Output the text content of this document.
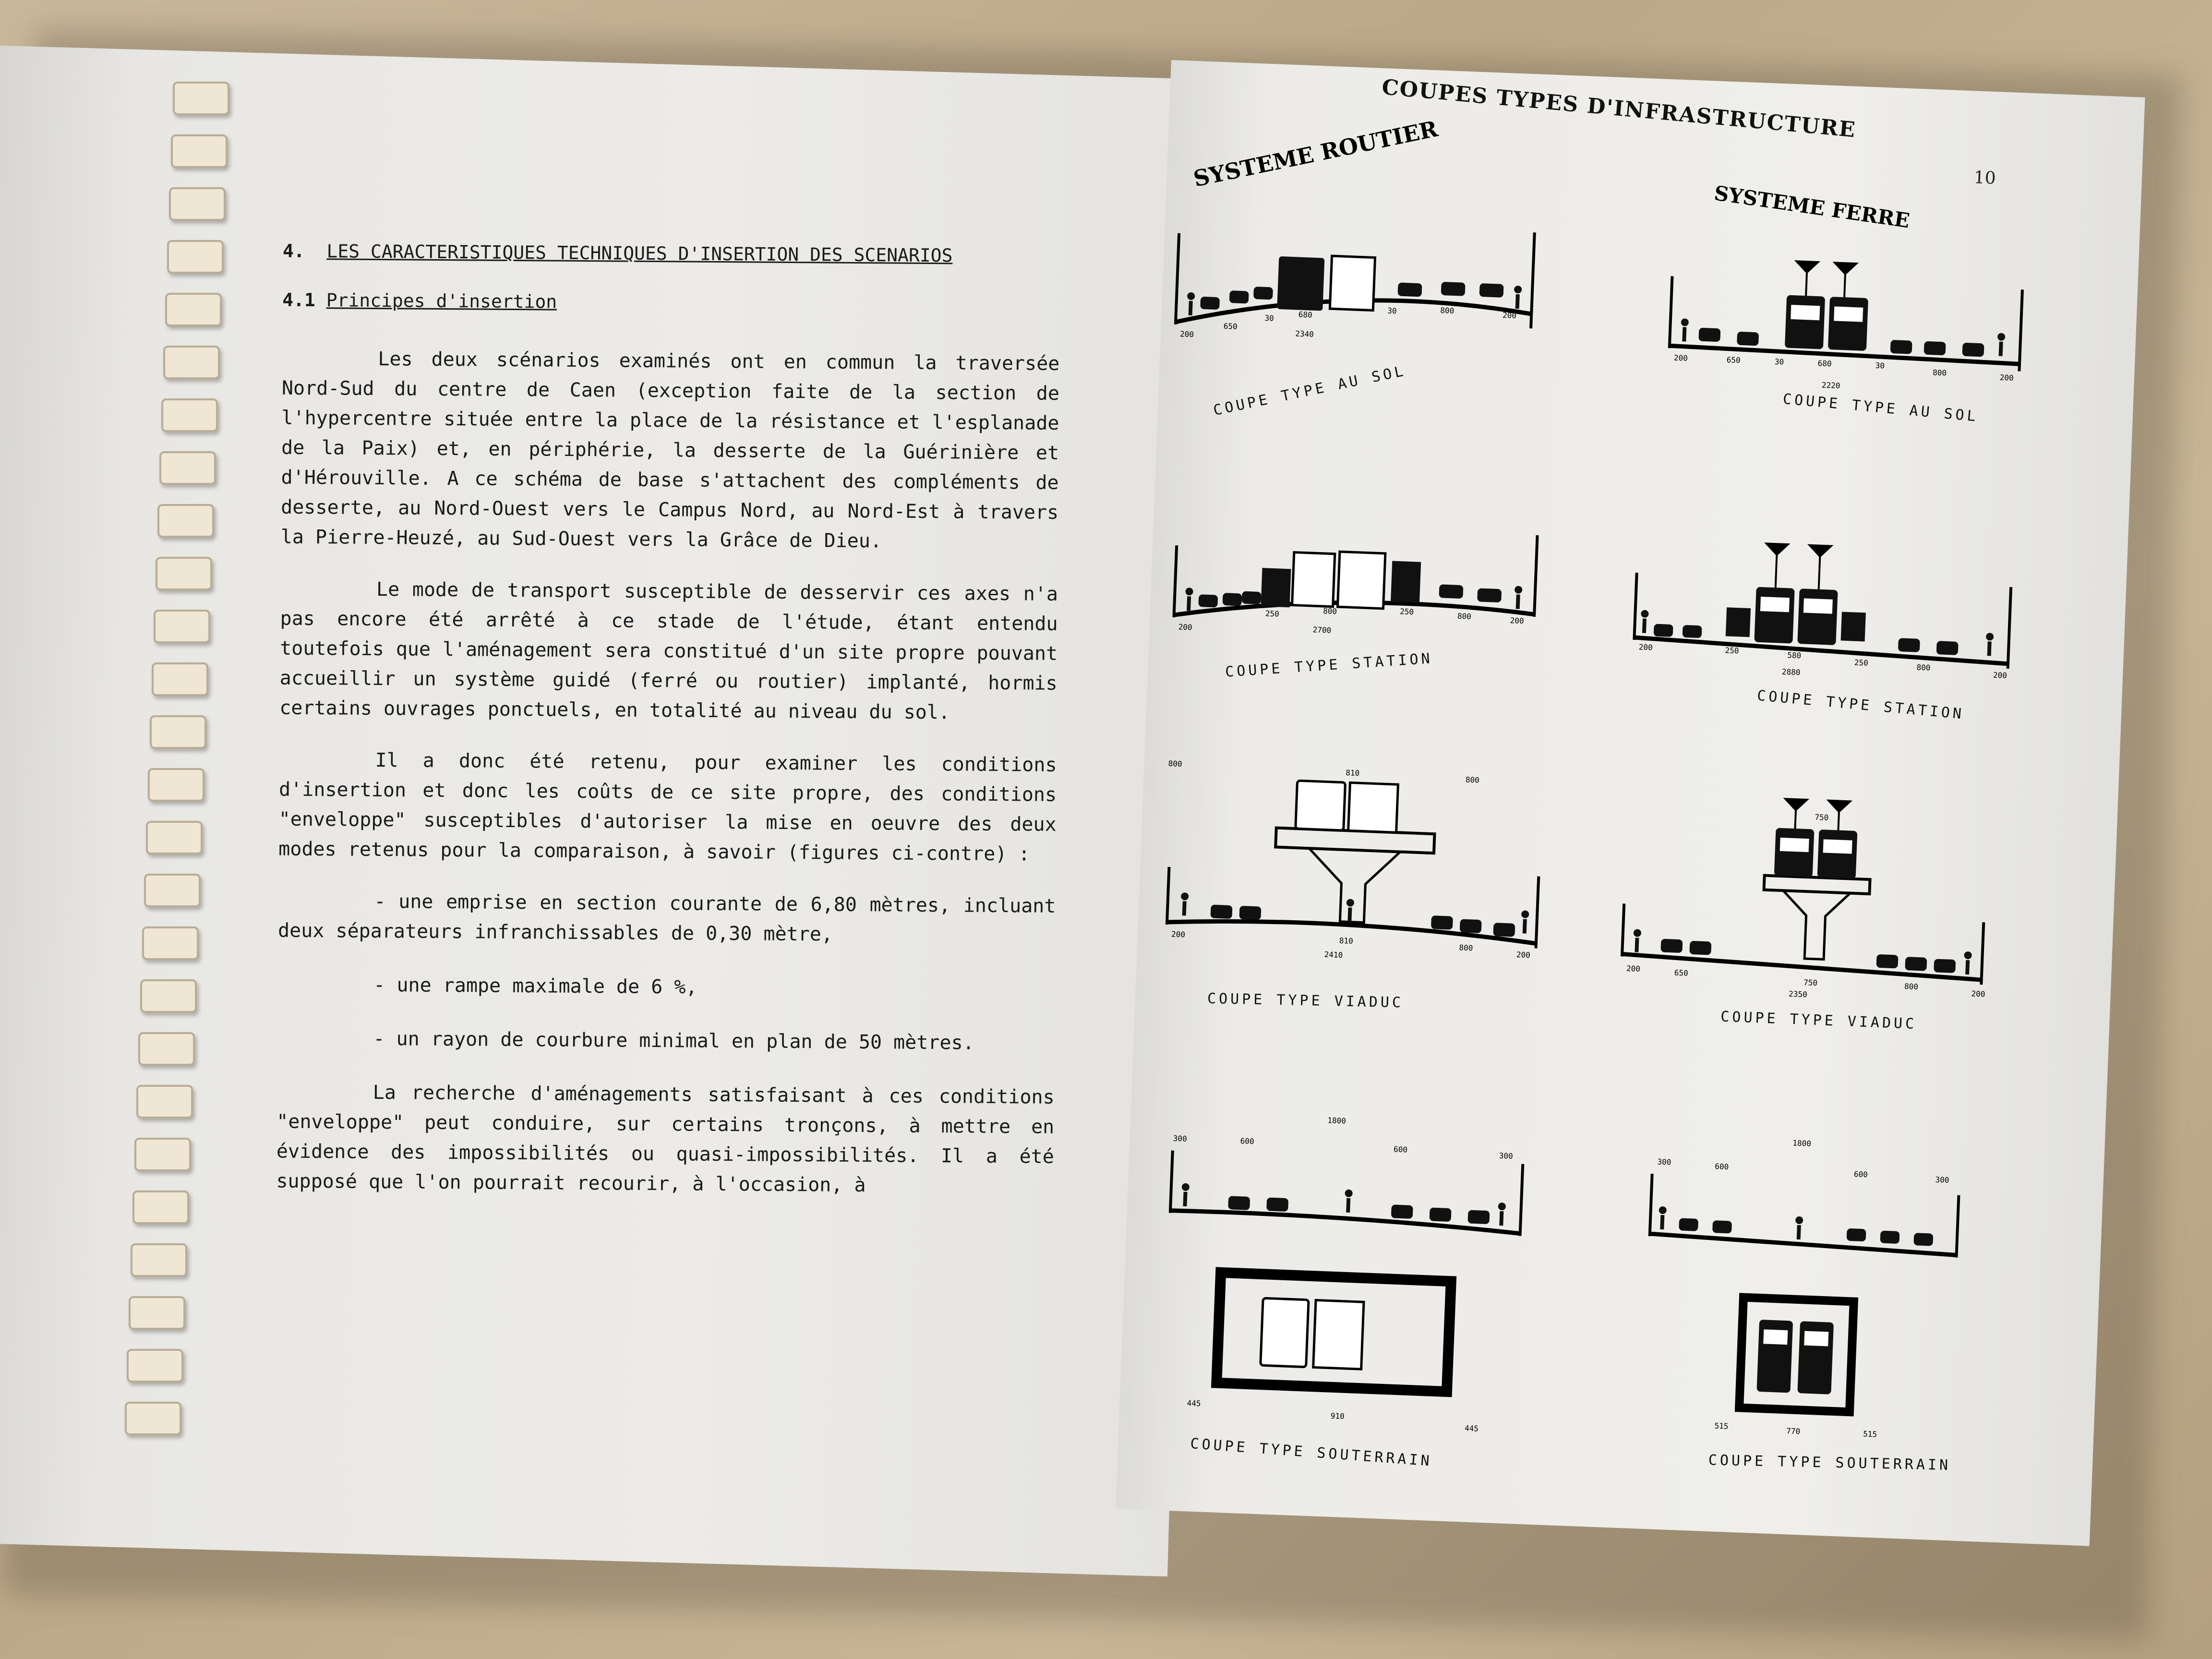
4. LES CARACTERISTIQUES TECHNIQUES D'INSERTION DES SCENARIOS
4.1 Principes d'insertion

Les deux scénarios examinés ont en commun la traversée Nord-Sud du centre de Caen (exception faite de la section de l'hypercentre située entre la place de la résistance et l'esplanade de la Paix) et, en périphérie, la desserte de la Guérinière et d'Hérouville. A ce schéma de base s'attachent des compléments de desserte, au Nord-Ouest vers le Campus Nord, au Nord-Est à travers la Pierre-Heuzé, au Sud-Ouest vers la Grâce de Dieu.

Le mode de transport susceptible de desservir ces axes n'a pas encore été arrêté à ce stade de l'étude, étant entendu toutefois que l'aménagement sera constitué d'un site propre pouvant accueillir un système guidé (ferré ou routier) implanté, hormis certains ouvrages ponctuels, en totalité au niveau du sol.

Il a donc été retenu, pour examiner les conditions d'insertion et donc les coûts de ce site propre, des conditions "enveloppe" susceptibles d'autoriser la mise en oeuvre des deux modes retenus pour la comparaison, à savoir (figures ci-contre) :

- une emprise en section courante de 6,80 mètres, incluant deux séparateurs infranchissables de 0,30 mètre,

- une rampe maximale de 6 %,

- un rayon de courbure minimal en plan de 50 mètres.

La recherche d'aménagements satisfaisant à ces conditions "enveloppe" peut conduire, sur certains tronçons, à mettre en évidence des impossibilités ou quasi-impossibilités. Il a été supposé que l'on pourrait recourir, à l'occasion, à

COUPES TYPES D'INFRASTRUCTURE
10
SYSTEME ROUTIER
SYSTEME FERRE
200
650
30	680
2340
30	800	200
COUPE TYPE AU SOL
200	650	30	680
2220
30
800
200
COUPE TYPE AU SOL
200
250	800
2700
250	800	200
COUPE TYPE STATION
200	250	580
2880
250	800
200
COUPE TYPE STATION
200
800
810
2410
800
200
810
800
COUPE TYPE VIADUC
200	650
750
2350
800
200
750
COUPE TYPE VIADUC
1800
300	600
600
300
445
910
445
COUPE TYPE SOUTERRAIN
1800
300	600
600
300
515
770	515
COUPE TYPE SOUTERRAIN
